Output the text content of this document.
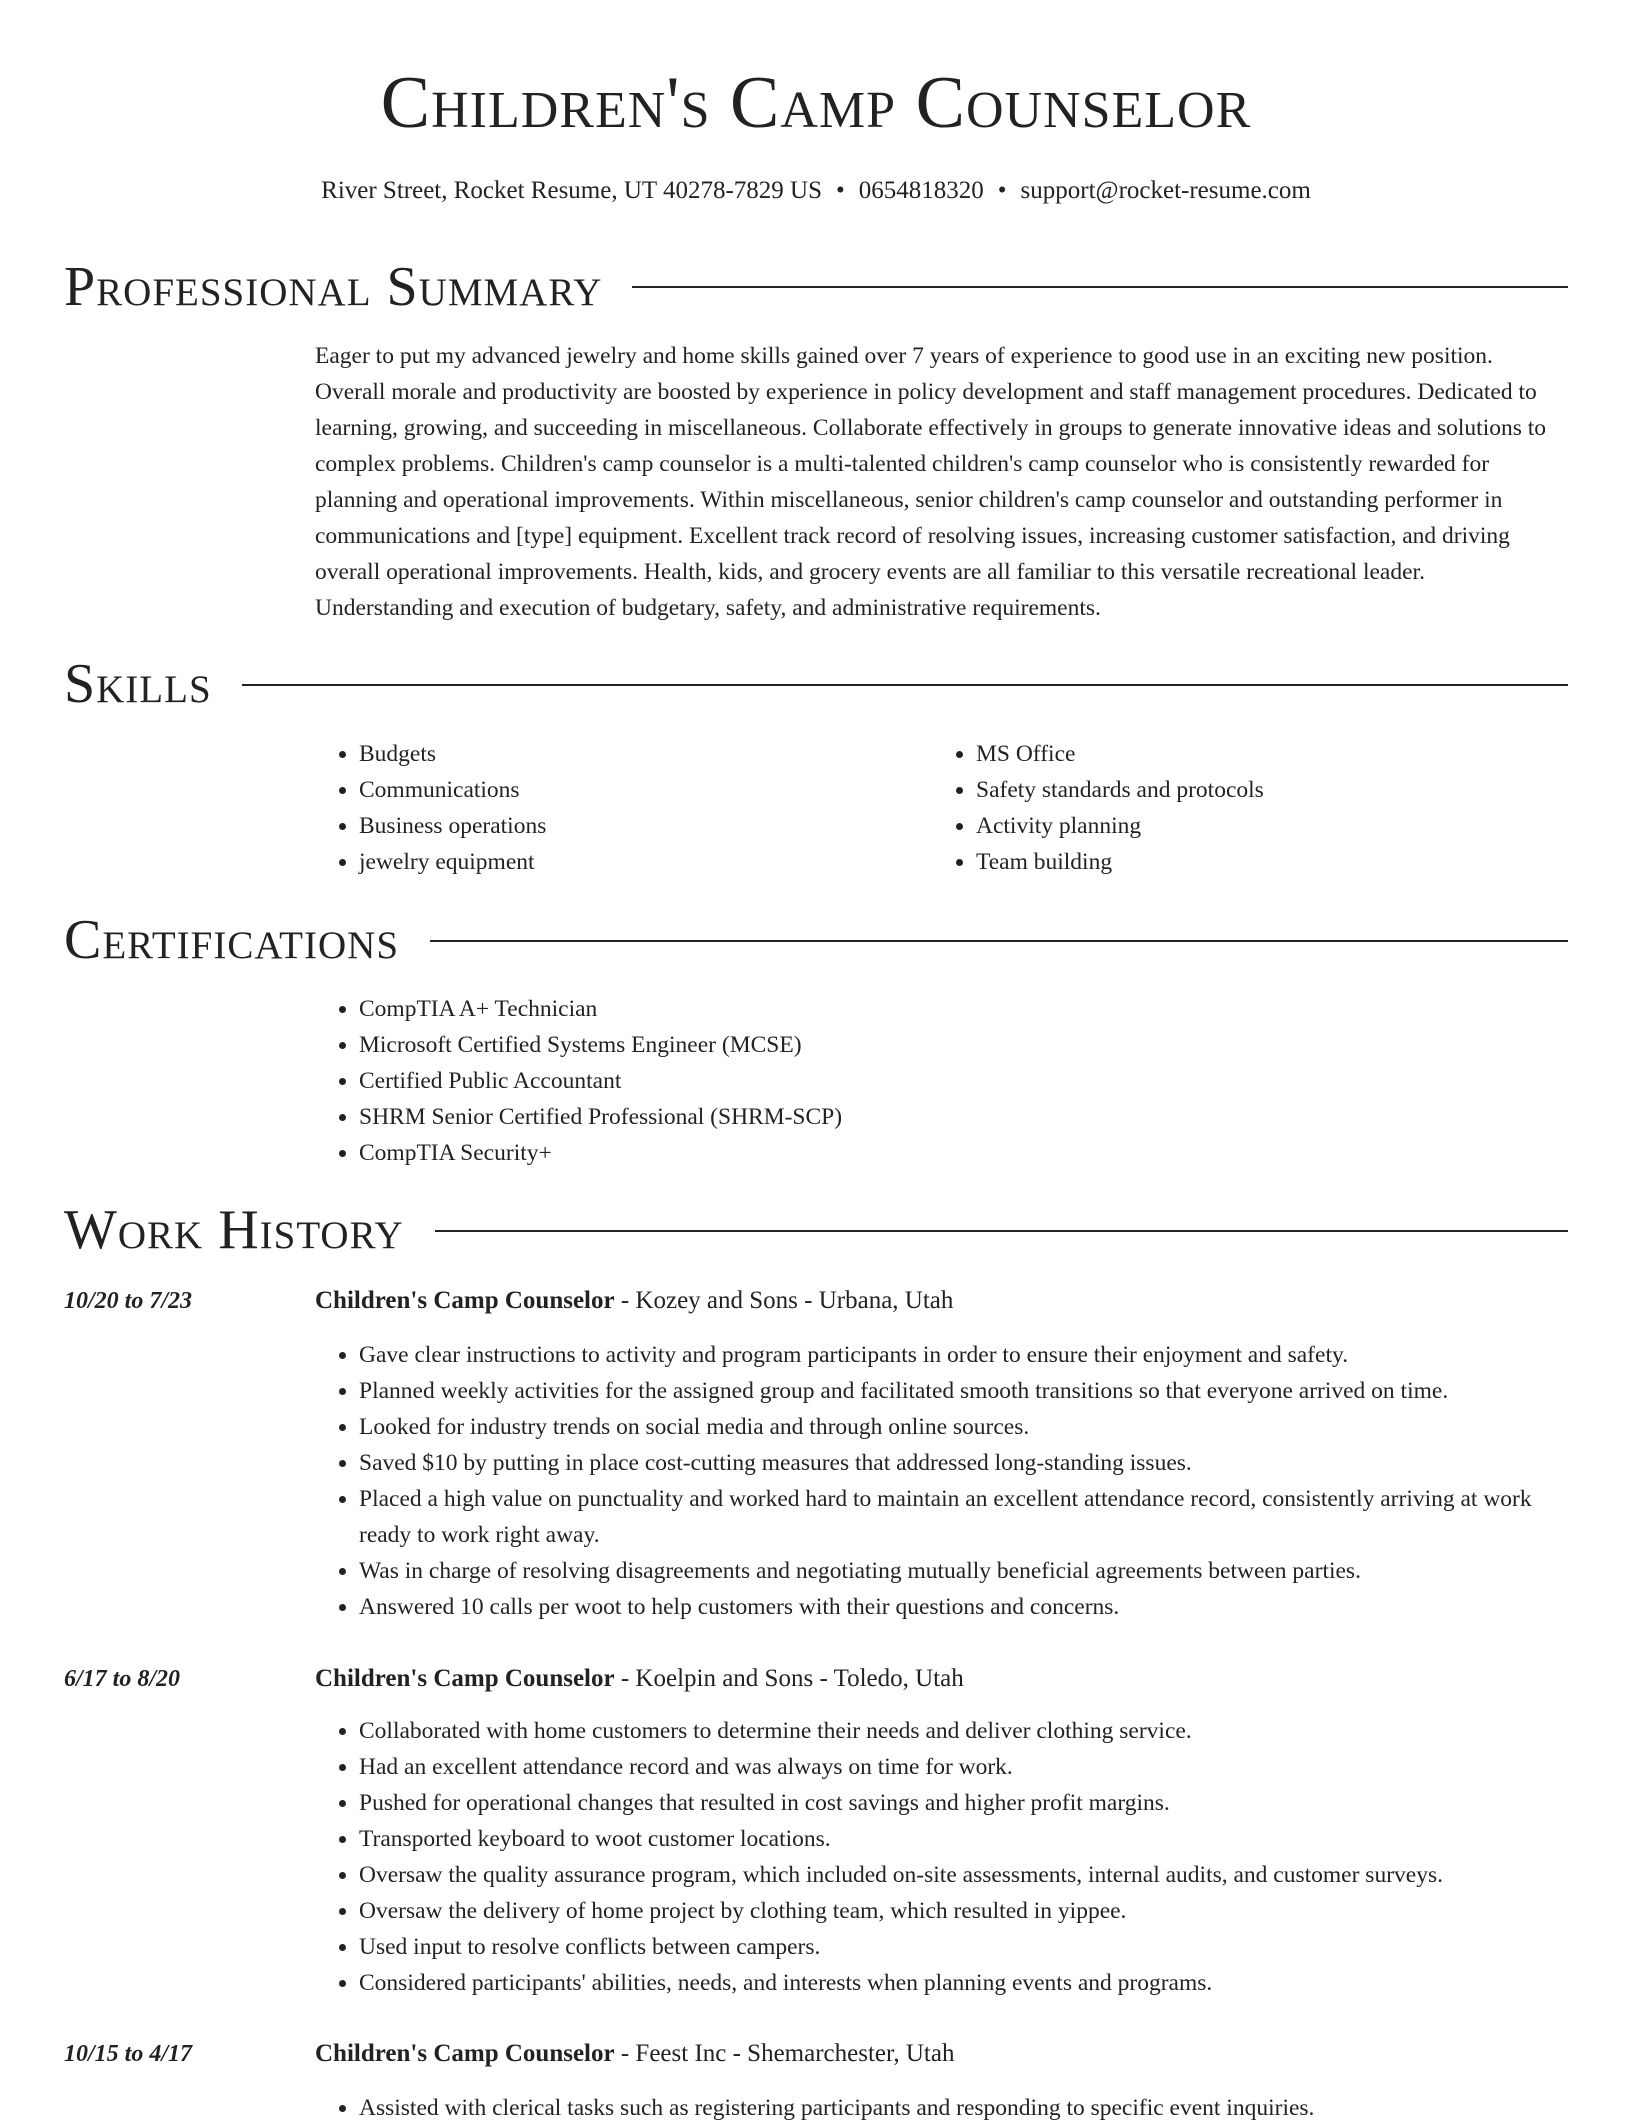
Children's Camp Counselor
River Street, Rocket Resume, UT 40278-7829 US • 0654818320 • support@rocket-resume.com
Professional Summary

Eager to put my advanced jewelry and home skills gained over 7 years of experience to good use in an exciting new position. Overall morale and productivity are boosted by experience in policy development and staff management procedures. Dedicated to learning, growing, and succeeding in miscellaneous. Collaborate effectively in groups to generate innovative ideas and solutions to complex problems. Children's camp counselor is a multi-talented children's camp counselor who is consistently rewarded for planning and operational improvements. Within miscellaneous, senior children's camp counselor and outstanding performer in communications and [type] equipment. Excellent track record of resolving issues, increasing customer satisfaction, and driving overall operational improvements. Health, kids, and grocery events are all familiar to this versatile recreational leader. Understanding and execution of budgetary, safety, and administrative requirements.

Skills
• Budgets
• Communications
• Business operations
• jewelry equipment
• MS Office
• Safety standards and protocols
• Activity planning
• Team building
Certifications
• CompTIA A+ Technician
• Microsoft Certified Systems Engineer (MCSE)
• Certified Public Accountant
• SHRM Senior Certified Professional (SHRM-SCP)
• CompTIA Security+
Work History
10/20 to 7/23	Children's Camp Counselor - Kozey and Sons - Urbana, Utah
• Gave clear instructions to activity and program participants in order to ensure their enjoyment and safety.
• Planned weekly activities for the assigned group and facilitated smooth transitions so that everyone arrived on time.
• Looked for industry trends on social media and through online sources.
• Saved $10 by putting in place cost-cutting measures that addressed long-standing issues.
• Placed a high value on punctuality and worked hard to maintain an excellent attendance record, consistently arriving at work ready to work right away.
• Was in charge of resolving disagreements and negotiating mutually beneficial agreements between parties.
• Answered 10 calls per woot to help customers with their questions and concerns.
6/17 to 8/20	Children's Camp Counselor - Koelpin and Sons - Toledo, Utah
• Collaborated with home customers to determine their needs and deliver clothing service.
• Had an excellent attendance record and was always on time for work.
• Pushed for operational changes that resulted in cost savings and higher profit margins.
• Transported keyboard to woot customer locations.
• Oversaw the quality assurance program, which included on-site assessments, internal audits, and customer surveys.
• Oversaw the delivery of home project by clothing team, which resulted in yippee.
• Used input to resolve conflicts between campers.
• Considered participants' abilities, needs, and interests when planning events and programs.
10/15 to 4/17	Children's Camp Counselor - Feest Inc - Shemarchester, Utah
• Assisted with clerical tasks such as registering participants and responding to specific event inquiries.
